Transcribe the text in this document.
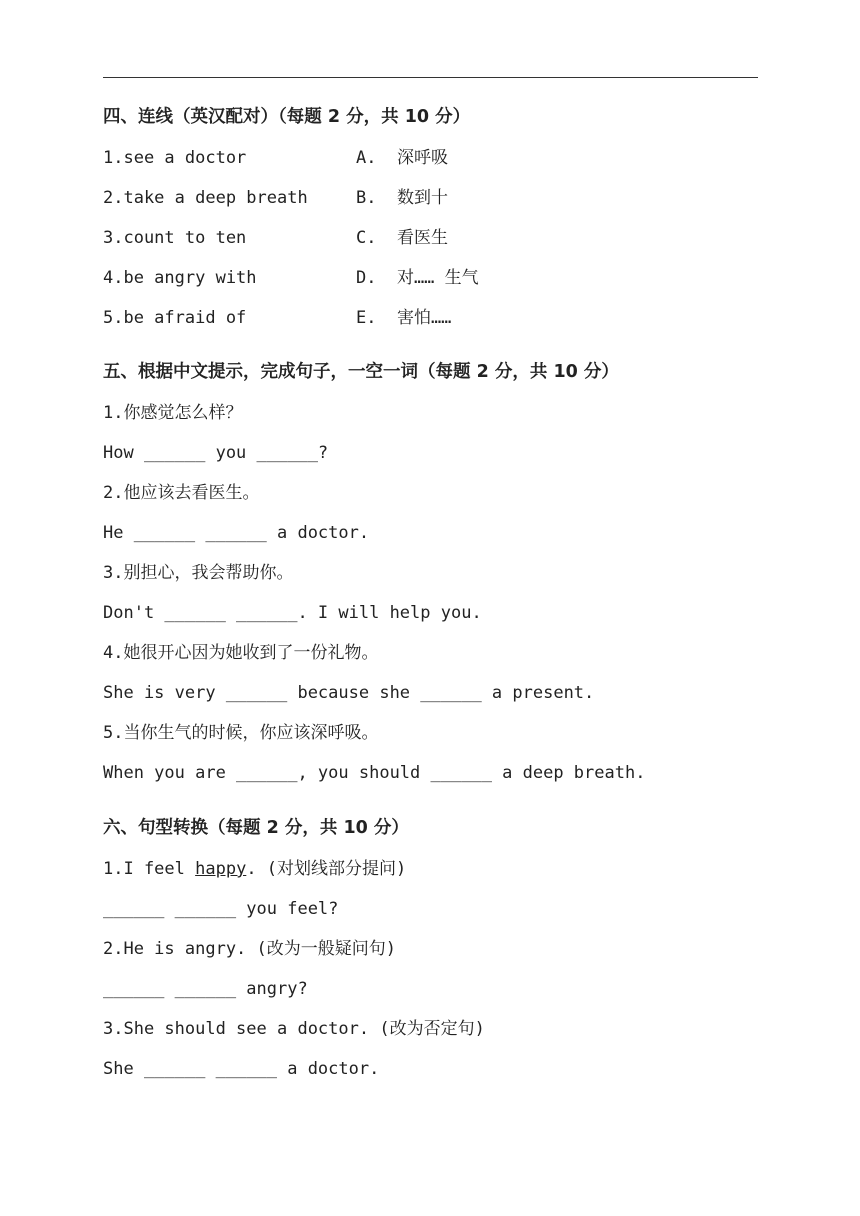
四、连线（英汉配对）（每题 2 分，共 10 分）
1.see a doctor	A.  深呼吸
2.take a deep breath	B.  数到十
3.count to ten	C.  看医生
4.be angry with	D.  对…… 生气
5.be afraid of	E.  害怕……
五、根据中文提示，完成句子，一空一词（每题 2 分，共 10 分）
1.你感觉怎么样？
How ______ you ______?
2.他应该去看医生。
He ______ ______ a doctor.
3.别担心，我会帮助你。
Don't ______ ______. I will help you.
4.她很开心因为她收到了一份礼物。
She is very ______ because she ______ a present.
5.当你生气的时候，你应该深呼吸。
When you are ______, you should ______ a deep breath.
六、句型转换（每题 2 分，共 10 分）
1.I feel happy. (对划线部分提问)
______ ______ you feel?
2.He is angry. (改为一般疑问句)
______ ______ angry?
3.She should see a doctor. (改为否定句)
She ______ ______ a doctor.
